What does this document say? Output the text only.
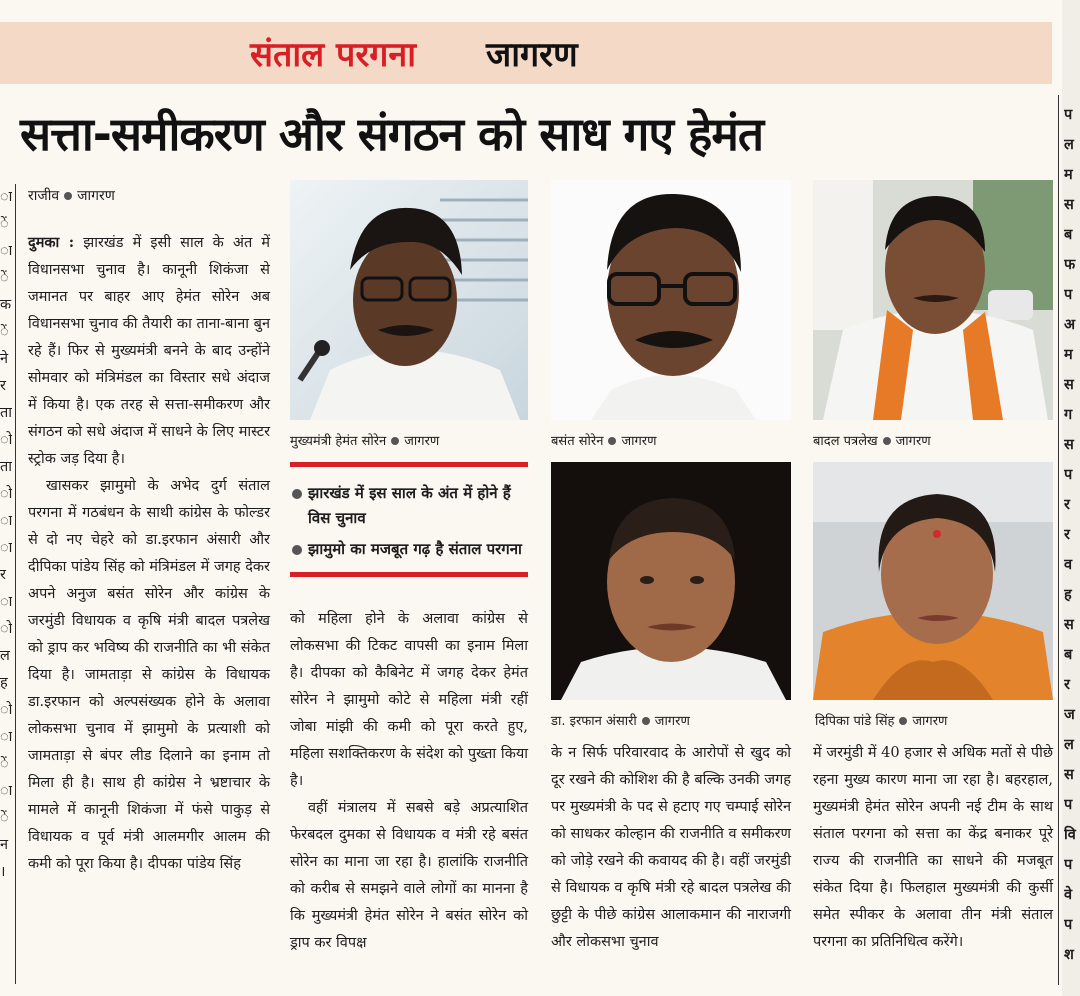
संताल परगना जागरण
सत्ता-समीकरण और संगठन को साध गए हेमंत
ा
ें
ा
ें
क
ें
ने
र
ता
ो
ता
ो
ा
ा
र
ा
ो
ल
ह
ो
ा
ें
ा
ें
न
।
राजीव जागरण

दुमका : झारखंड में इसी साल के अंत में विधानसभा चुनाव है। कानूनी शिकंजा से जमानत पर बाहर आए हेमंत सोरेन अब विधानसभा चुनाव की तैयारी का ताना-बाना बुन रहे हैं। फिर से मुख्यमंत्री बनने के बाद उन्होंने सोमवार को मंत्रिमंडल का विस्तार सधे अंदाज में किया है। एक तरह से सत्ता-समीकरण और संगठन को सधे अंदाज में साधने के लिए मास्टर स्ट्रोक जड़ दिया है।

खासकर झामुमो के अभेद दुर्ग संताल परगना में गठबंधन के साथी कांग्रेस के फोल्डर से दो नए चेहरे को डा.इरफान अंसारी और दीपिका पांडेय सिंह को मंत्रिमंडल में जगह देकर अपने अनुज बसंत सोरेन और कांग्रेस के जरमुंडी विधायक व कृषि मंत्री बादल पत्रलेख को ड्राप कर भविष्य की राजनीति का भी संकेत दिया है। जामताड़ा से कांग्रेस के विधायक डा.इरफान को अल्पसंख्यक होने के अलावा लोकसभा चुनाव में झामुमो के प्रत्याशी को जामताड़ा से बंपर लीड दिलाने का इनाम तो मिला ही है। साथ ही कांग्रेस ने भ्रष्टाचार के मामले में कानूनी शिकंजा में फंसे पाकुड़ से विधायक व पूर्व मंत्री आलमगीर आलम की कमी को पूरा किया है। दीपका पांडेय सिंह

मुख्यमंत्री हेमंत सोरेन जागरण	बसंत सोरेन जागरण	बादल पत्रलेख जागरण
झारखंड में इस साल के अंत में होने हैं विस चुनाव
झामुमो का मजबूत गढ़ है संताल परगना

को महिला होने के अलावा कांग्रेस से लोकसभा की टिकट वापसी का इनाम मिला है। दीपका को कैबिनेट में जगह देकर हेमंत सोरेन ने झामुमो कोटे से महिला मंत्री रहीं जोबा मांझी की कमी को पूरा करते हुए, महिला सशक्तिकरण के संदेश को पुख्ता किया है।

वहीं मंत्रालय में सबसे बड़े अप्रत्याशित फेरबदल दुमका से विधायक व मंत्री रहे बसंत सोरेन का माना जा रहा है। हालांकि राजनीति को करीब से समझने वाले लोगों का मानना है कि मुख्यमंत्री हेमंत सोरेन ने बसंत सोरेन को ड्राप कर विपक्ष

डा. इरफान अंसारी जागरण	दिपिका पांडे सिंह जागरण

के न सिर्फ परिवारवाद के आरोपों से खुद को दूर रखने की कोशिश की है बल्कि उनकी जगह पर मुख्यमंत्री के पद से हटाए गए चम्पाई सोरेन को साधकर कोल्हान की राजनीति व समीकरण को जोड़े रखने की कवायद की है। वहीं जरमुंडी से विधायक व कृषि मंत्री रहे बादल पत्रलेख की छुट्टी के पीछे कांग्रेस आलाकमान की नाराजगी और लोकसभा चुनाव

में जरमुंडी में 40 हजार से अधिक मतों से पीछे रहना मुख्य कारण माना जा रहा है। बहरहाल, मुख्यमंत्री हेमंत सोरेन अपनी नई टीम के साथ संताल परगना को सत्ता का केंद्र बनाकर पूरे राज्य की राजनीति का साधने की मजबूत संकेत दिया है। फिलहाल मुख्यमंत्री की कुर्सी समेत स्पीकर के अलावा तीन मंत्री संताल परगना का प्रतिनिधित्व करेंगे।

प
ल
म
स
ब
फ
प
अ
म
स
ग
स
प
र
र
व
ह
स
ब
र
ज
ल
स
प
वि
प
वे
प
श
